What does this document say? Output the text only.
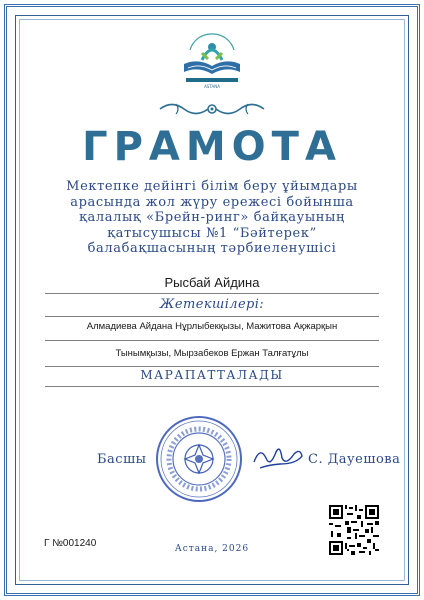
ASTANA
ГРАМОТА
Мектепке дейінгі білім беру ұйымдары
арасында жол жүру ережесі бойынша
қалалық «Брейн-ринг» байқауының
қатысушысы №1 “Бәйтерек”
балабақшасының тәрбиеленушісі
Рысбай Айдина
Жетекшілері:
Алмадиева Айдана Нұрлыбекқызы, Мажитова Ақжарқын
Тынымқызы, Мырзабеков Ержан Талғатұлы
МАРАПАТТАЛАДЫ
Басшы	С. Дауешова
Г №001240	Астана, 2026
